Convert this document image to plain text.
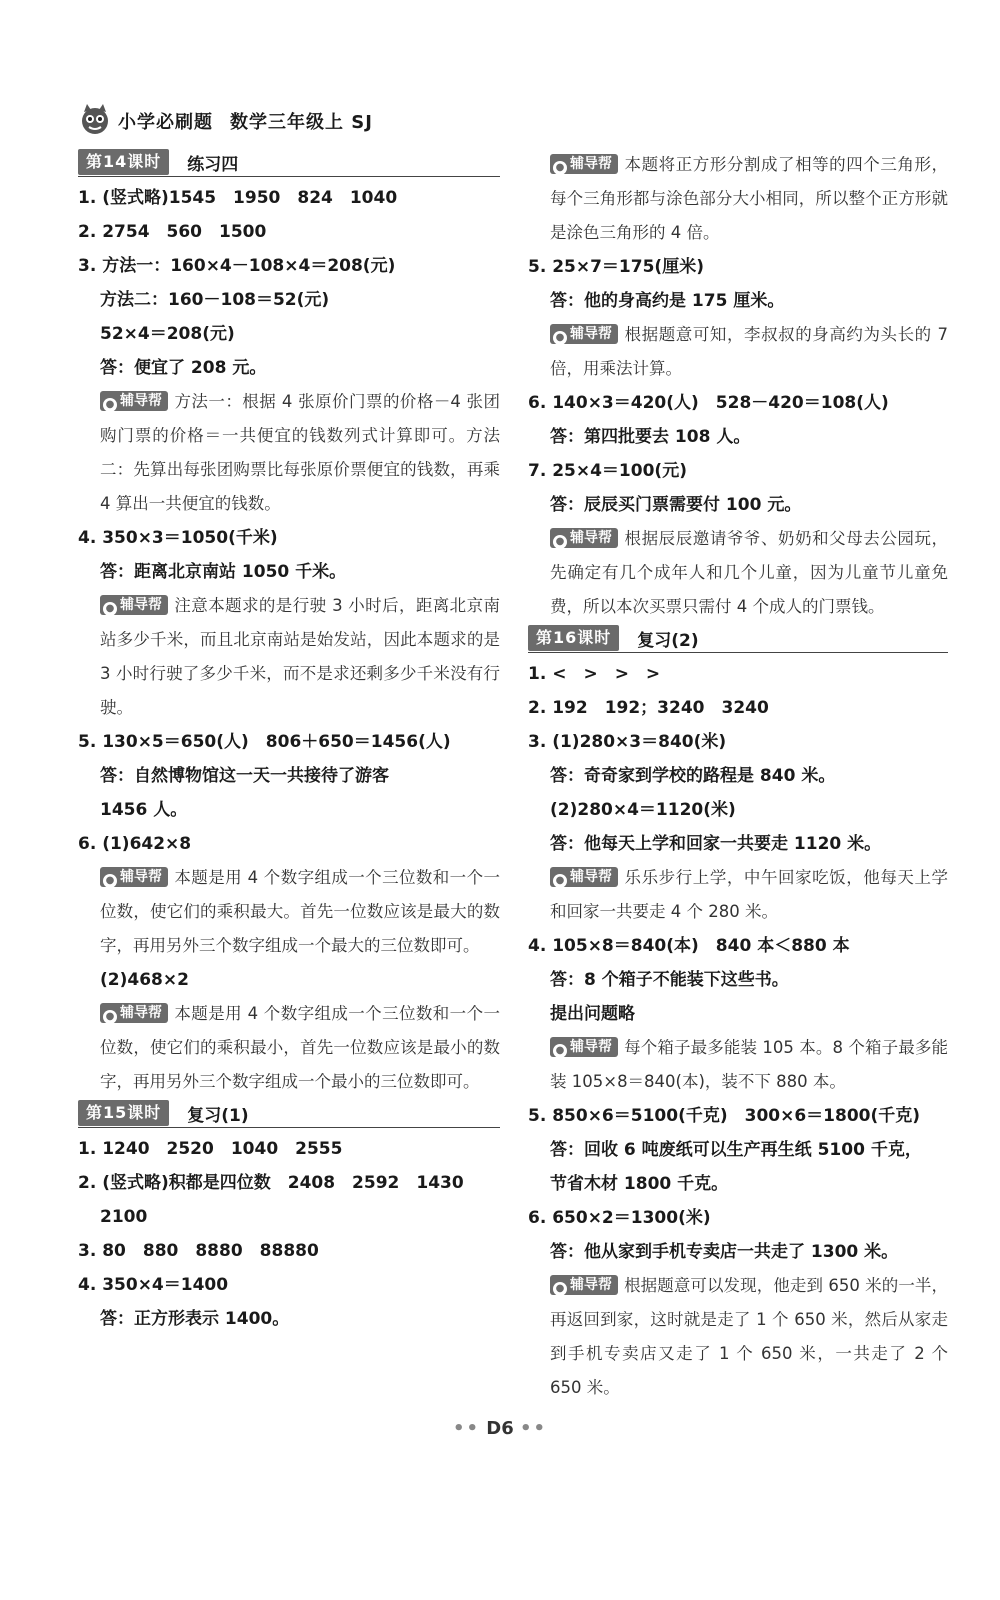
小学必刷题 数学三年级上 SJ
第14课时	练习四
1. (竖式略)1545　1950　824　1040
2. 2754　560　1500
3. 方法一：160×4－108×4＝208(元)
方法二：160－108＝52(元)
52×4＝208(元)
答：便宜了 208 元。
● 辅导帮 方法一：根据 4 张原价门票的价格－4 张团购门票的价格＝一共便宜的钱数列式计算即可。方法二：先算出每张团购票比每张原价票便宜的钱数，再乘 4 算出一共便宜的钱数。
4. 350×3＝1050(千米)
答：距离北京南站 1050 千米。
● 辅导帮 注意本题求的是行驶 3 小时后，距离北京南站多少千米，而且北京南站是始发站，因此本题求的是 3 小时行驶了多少千米，而不是求还剩多少千米没有行驶。
5. 130×5＝650(人)　806＋650＝1456(人)
答：自然博物馆这一天一共接待了游客
1456 人。
6. (1)642×8
● 辅导帮 本题是用 4 个数字组成一个三位数和一个一位数，使它们的乘积最大。首先一位数应该是最大的数字，再用另外三个数字组成一个最大的三位数即可。
(2)468×2
● 辅导帮 本题是用 4 个数字组成一个三位数和一个一位数，使它们的乘积最小，首先一位数应该是最小的数字，再用另外三个数字组成一个最小的三位数即可。
第15课时	复习(1)
1. 1240　2520　1040　2555
2. (竖式略)积都是四位数　2408　2592　1430
2100
3. 80　880　8880　88880
4. 350×4＝1400
答：正方形表示 1400。
● 辅导帮 本题将正方形分割成了相等的四个三角形，每个三角形都与涂色部分大小相同，所以整个正方形就是涂色三角形的 4 倍。
5. 25×7＝175(厘米)
答：他的身高约是 175 厘米。
● 辅导帮 根据题意可知，李叔叔的身高约为头长的 7 倍，用乘法计算。
6. 140×3＝420(人)　528－420＝108(人)
答：第四批要去 108 人。
7. 25×4＝100(元)
答：辰辰买门票需要付 100 元。
● 辅导帮 根据辰辰邀请爷爷、奶奶和父母去公园玩，先确定有几个成年人和几个儿童，因为儿童节儿童免费，所以本次买票只需付 4 个成人的门票钱。
第16课时	复习(2)
1. <　>　>　>
2. 192　192；3240　3240
3. (1)280×3＝840(米)
答：奇奇家到学校的路程是 840 米。
(2)280×4＝1120(米)
答：他每天上学和回家一共要走 1120 米。
● 辅导帮 乐乐步行上学，中午回家吃饭，他每天上学和回家一共要走 4 个 280 米。
4. 105×8＝840(本)　840 本＜880 本
答：8 个箱子不能装下这些书。
提出问题略
● 辅导帮 每个箱子最多能装 105 本。8 个箱子最多能装 105×8＝840(本)，装不下 880 本。
5. 850×6＝5100(千克)　300×6＝1800(千克)
答：回收 6 吨废纸可以生产再生纸 5100 千克，
节省木材 1800 千克。
6. 650×2＝1300(米)
答：他从家到手机专卖店一共走了 1300 米。
● 辅导帮 根据题意可以发现，他走到 650 米的一半，再返回到家，这时就是走了 1 个 650 米，然后从家走到手机专卖店又走了 1 个 650 米，一共走了 2 个 650 米。
•• D6 ••
